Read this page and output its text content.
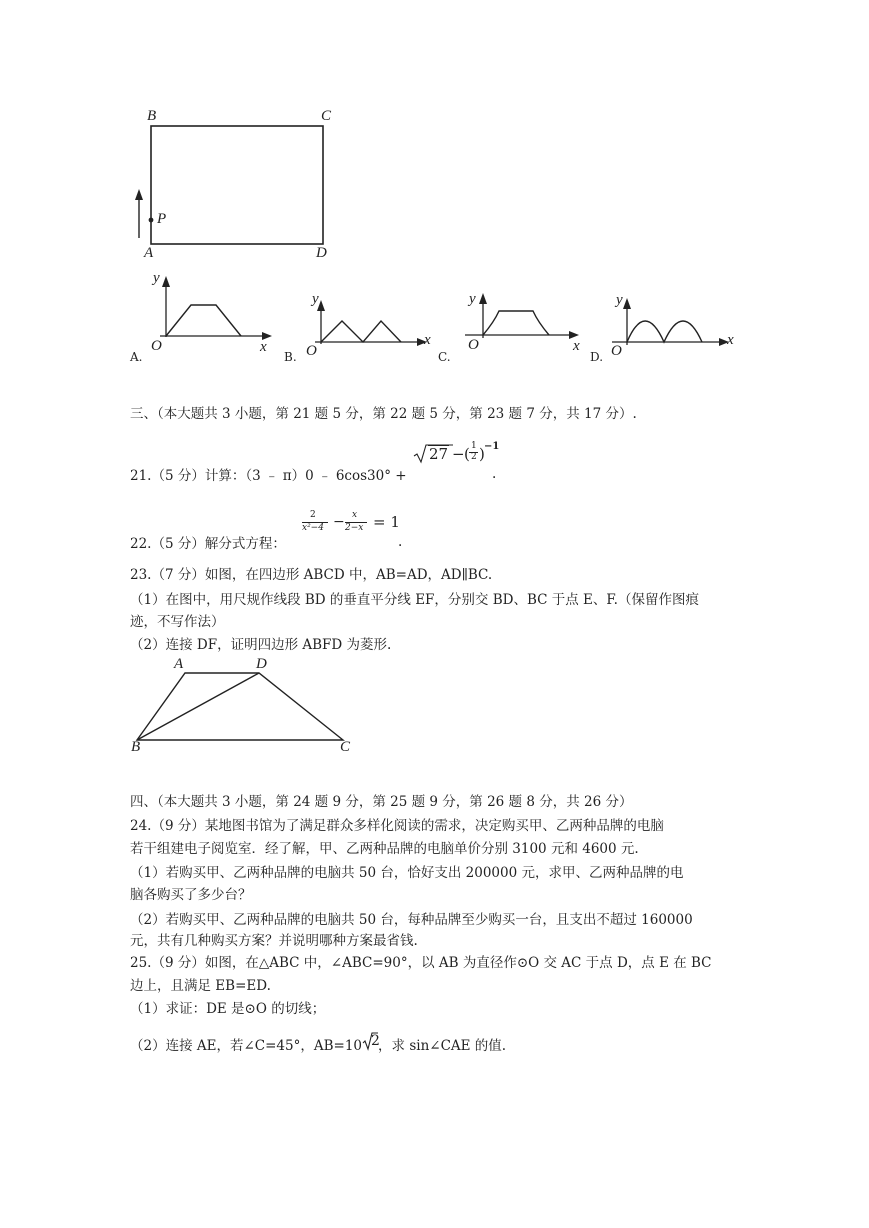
B	C
P
A	D
A.
y
x
O
B.
y
x
O	C.
y
x
O
D.
y
x
O
三、（本大题共 3 小题，第 21 题 5 分，第 22 题 5 分，第 23 题 7 分，共 17 分）.
21.（5 分）计算：（3 ﹣ π）0 ﹣ 6cos30° +
27 − ( 1
2 ) −1
.
22.（5 分）解分式方程：
2
x²−4 − x
2−x = 1
.
23.（7 分）如图，在四边形 ABCD 中，AB=AD，AD∥BC.
（1）在图中，用尺规作线段 BD 的垂直平分线 EF，分别交 BD、BC 于点 E、F.（保留作图痕
迹，不写作法）
（2）连接 DF，证明四边形 ABFD 为菱形.
A	D
B	C
四、（本大题共 3 小题，第 24 题 9 分，第 25 题 9 分，第 26 题 8 分，共 26 分）
24.（9 分）某地图书馆为了满足群众多样化阅读的需求，决定购买甲、乙两种品牌的电脑
若干组建电子阅览室．经了解，甲、乙两种品牌的电脑单价分别 3100 元和 4600 元.
（1）若购买甲、乙两种品牌的电脑共 50 台，恰好支出 200000 元，求甲、乙两种品牌的电
脑各购买了多少台？
（2）若购买甲、乙两种品牌的电脑共 50 台，每种品牌至少购买一台，且支出不超过 160000
元，共有几种购买方案？并说明哪种方案最省钱.
25.（9 分）如图，在△ABC 中，∠ABC=90°，以 AB 为直径作⊙O 交 AC 于点 D，点 E 在 BC
边上，且满足 EB=ED.
（1）求证：DE 是⊙O 的切线；
（2）连接 AE，若∠C=45°，AB=10 2
，求 sin∠CAE 的值.
